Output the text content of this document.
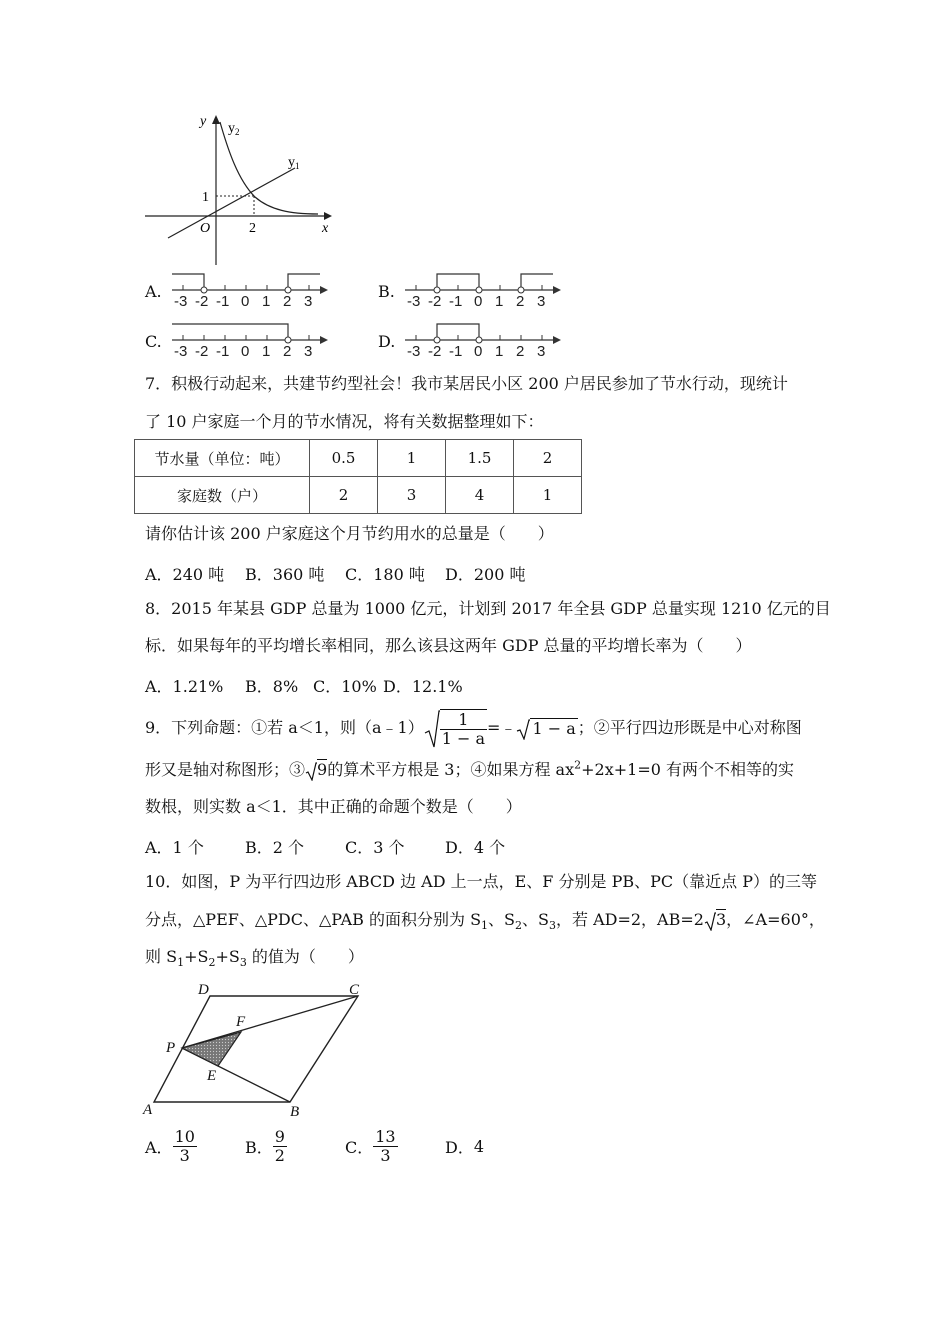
y $y_2$
$y_1$
x
O
1
2
A.
-3 -2 -1 0 1 2 3
B.
-3 -2 -1 0 1 2 3
C.
-3 -2 -1 0 1 2 3
D.
-3 -2 -1 0 1 2 3
7．积极行动起来，共建节约型社会！我市某居民小区 200 户居民参加了节水行动，现统计
了 10 户家庭一个月的节水情况，将有关数据整理如下：
节水量（单位：吨）	0.5	1	1.5	2
家庭数（户）	2	3	4	1
请你估计该 200 户家庭这个月节约用水的总量是（　　）
A．240 吨 B．360 吨 C．180 吨 D．200 吨
8．2015 年某县 GDP 总量为 1000 亿元，计划到 2017 年全县 GDP 总量实现 1210 亿元的目
标．如果每年的平均增长率相同，那么该县这两年 GDP 总量的平均增长率为（　　）
A．1.21% B．8% C．10% D．12.1%
9．下列命题：①若 a＜1，则（a﹣1） $\frac{1}{1 - a}$ =﹣ 1 − a ；②平行四边形既是中心对称图
形又是轴对称图形；③ 9的算术平方根是 3；④如果方程 $ax^2+2x+1=0$ 有两个不相等的实
数根，则实数 a＜1．其中正确的命题个数是（　　）
A．1 个	B．2 个	C．3 个	D．4 个
10．如图，P 为平行四边形 ABCD 边 AD 上一点，E、F 分别是 PB、PC（靠近点 P）的三等
分点，△PEF、△PDC、△PAB 的面积分别为 $S_1$、$S_2$、$S_3$，若 AD=2，AB=2 3，∠A=60°，
则 $S_1+S_2+S_3$ 的值为（　　）
A	B
C
D
P
E
F
A． $\frac{10}{3}$	B． $\frac{9}{2}$	C． $\frac{13}{3}$	D．4
